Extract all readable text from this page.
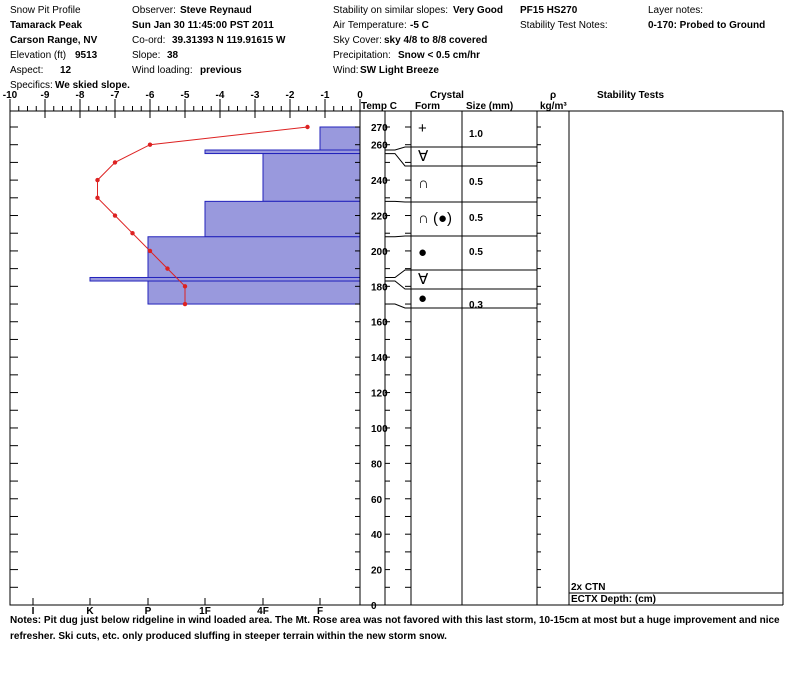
Snow Pit Profile
Tamarack Peak
Carson Range, NV
Elevation (ft) 9513
Aspect: 12
Specifics: We skied slope.
Observer: Steve Reynaud
Sun Jan 30 11:45:00 PST 2011
Co-ord: 39.31393 N 119.91615 W
Slope: 38
Wind loading: previous
Stability on similar slopes: Very Good
Air Temperature: -5 C
Sky Cover: sky 4/8 to 8/8 covered
Precipitation: Snow < 0.5 cm/hr
Wind: SW Light Breeze
PF15 HS270
Stability Test Notes:
Layer notes:
0-170: Probed to Ground
Crystal	ρ	Stability Tests
Temp C Form	Size (mm)	kg/m³
-10 -9	-8	-7	-6	-5	-4	-3	-2	-1	0
I	K	P	1F	4F	F
270
260
240
220
200
180
160
140
120
100
80
60
40
20
0
+	1.0
∀
∩	0.5
∩ (●) 0.5
●	0.5
∀
●	0.3
2x CTN
ECTX Depth: (cm)
Notes: Pit dug just below ridgeline in wind loaded area. The Mt. Rose area was not favored with this last storm, 10-15cm at most but a huge improvement and nice refresher. Ski cuts, etc. only produced sluffing in steeper terrain within the new storm snow.
